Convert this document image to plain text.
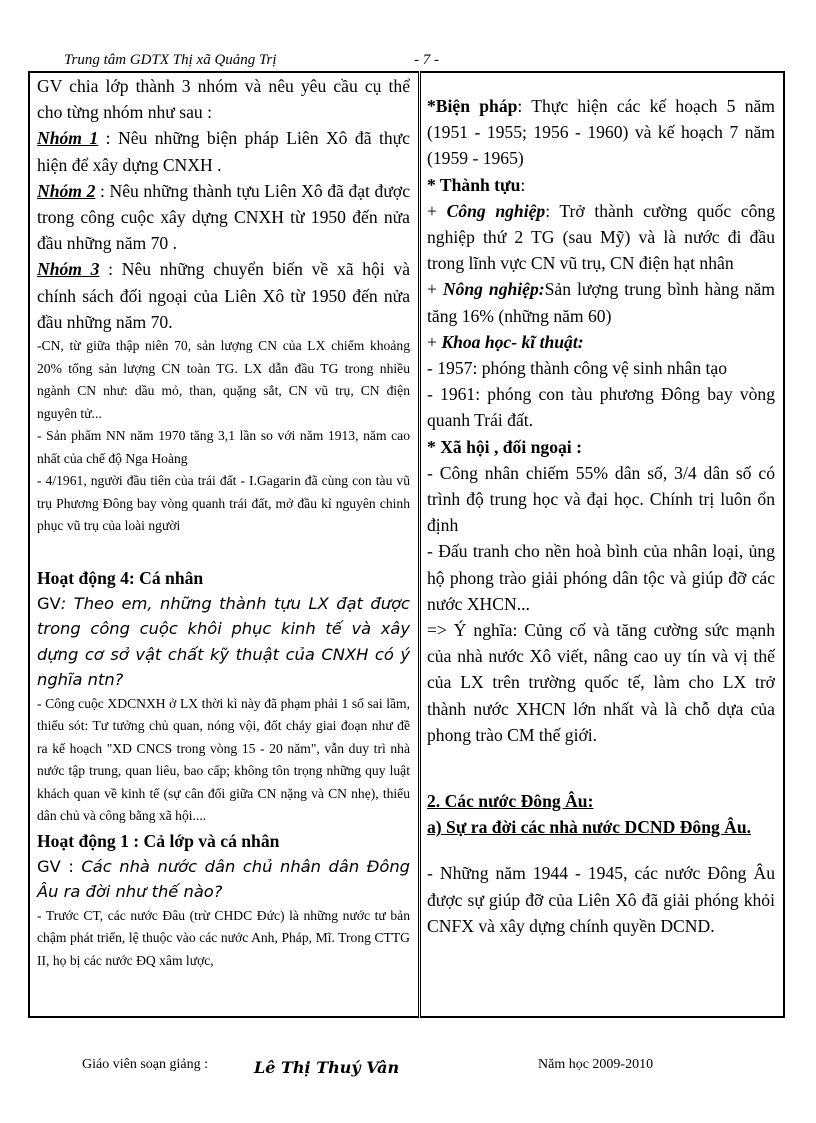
Trung tâm GDTX Thị xã Quảng Trị	- 7 -
GV chia lớp thành 3 nhóm và nêu yêu cầu cụ thể cho từng nhóm như sau :
Nhóm 1 : Nêu những biện pháp Liên Xô đã thực hiện để xây dựng CNXH .
Nhóm 2 : Nêu những thành tựu Liên Xô đã đạt được trong công cuộc xây dựng CNXH từ 1950 đến nửa đầu những năm 70 .
Nhóm 3 : Nêu những chuyển biến về xã hội và chính sách đối ngoại của Liên Xô từ 1950 đến nửa đầu những năm 70.
-CN, từ giữa thập niên 70, sản lượng CN của LX chiếm khoảng 20% tổng sản lượng CN toàn TG. LX dẫn đầu TG trong nhiều ngành CN như: dầu mỏ, than, quặng sắt, CN vũ trụ, CN điện nguyên tử...
- Sản phẩm NN năm 1970 tăng 3,1 lần so với năm 1913, năm cao nhất của chế độ Nga Hoàng
- 4/1961, người đầu tiên của trái đất - I.Gagarin đã cùng con tàu vũ trụ Phương Đông bay vòng quanh trái đất, mở đầu kỉ nguyên chinh phục vũ trụ của loài người
Hoạt động 4: Cá nhân
GV: Theo em, những thành tựu LX đạt được trong công cuộc khôi phục kinh tế và xây dựng cơ sở vật chất kỹ thuật của CNXH có ý nghĩa ntn?
- Công cuộc XDCNXH ở LX thời kì này đã phạm phải 1 số sai lầm, thiếu sót: Tư tưởng chủ quan, nóng vội, đốt cháy giai đoạn như đề ra kế hoạch "XD CNCS trong vòng 15 - 20 năm", vẫn duy trì nhà nước tập trung, quan liêu, bao cấp; không tôn trọng những quy luật khách quan về kinh tế (sự cân đối giữa CN nặng và CN nhẹ), thiếu dân chủ và công bằng xã hội....
Hoạt động 1 : Cả lớp và cá nhân
GV : Các nhà nước dân chủ nhân dân Đông Âu ra đời như thế nào?
- Trước CT, các nước Đâu (trừ CHDC Đức) là những nước tư bản chậm phát triển, lệ thuộc vào các nước Anh, Pháp, Mĩ. Trong CTTG II, họ bị các nước ĐQ xâm lược,

*Biện pháp: Thực hiện các kế hoạch 5 năm (1951 - 1955; 1956 - 1960) và kế hoạch 7 năm (1959 - 1965)
* Thành tựu:
+ Công nghiệp: Trở thành cường quốc công nghiệp thứ 2 TG (sau Mỹ) và là nước đi đầu trong lĩnh vực CN vũ trụ, CN điện hạt nhân
+ Nông nghiệp:Sản lượng trung bình hàng năm tăng 16% (những năm 60)
+ Khoa học- kĩ thuật:
- 1957: phóng thành công vệ sinh nhân tạo
- 1961: phóng con tàu phương Đông bay vòng quanh Trái đất.
* Xã hội , đối ngoại :
- Công nhân chiếm 55% dân số, 3/4 dân số có trình độ trung học và đại học. Chính trị luôn ổn định
- Đấu tranh cho nền hoà bình của nhân loại, ủng hộ phong trào giải phóng dân tộc và giúp đỡ các nước XHCN...
=> Ý nghĩa: Củng cố và tăng cường sức mạnh của nhà nước Xô viết, nâng cao uy tín và vị thế của LX trên trường quốc tế, làm cho LX trở thành nước XHCN lớn nhất và là chỗ dựa của phong trào CM thế giới.
2. Các nước Đông Âu:
a) Sự ra đời các nhà nước DCND Đông Âu.
- Những năm 1944 - 1945, các nước Đông Âu được sự giúp đỡ của Liên Xô đã giải phóng khỏi CNFX và xây dựng chính quyền DCND.
Giáo viên soạn giảng :	Lê Thị Thuý Vân	Năm học 2009-2010
